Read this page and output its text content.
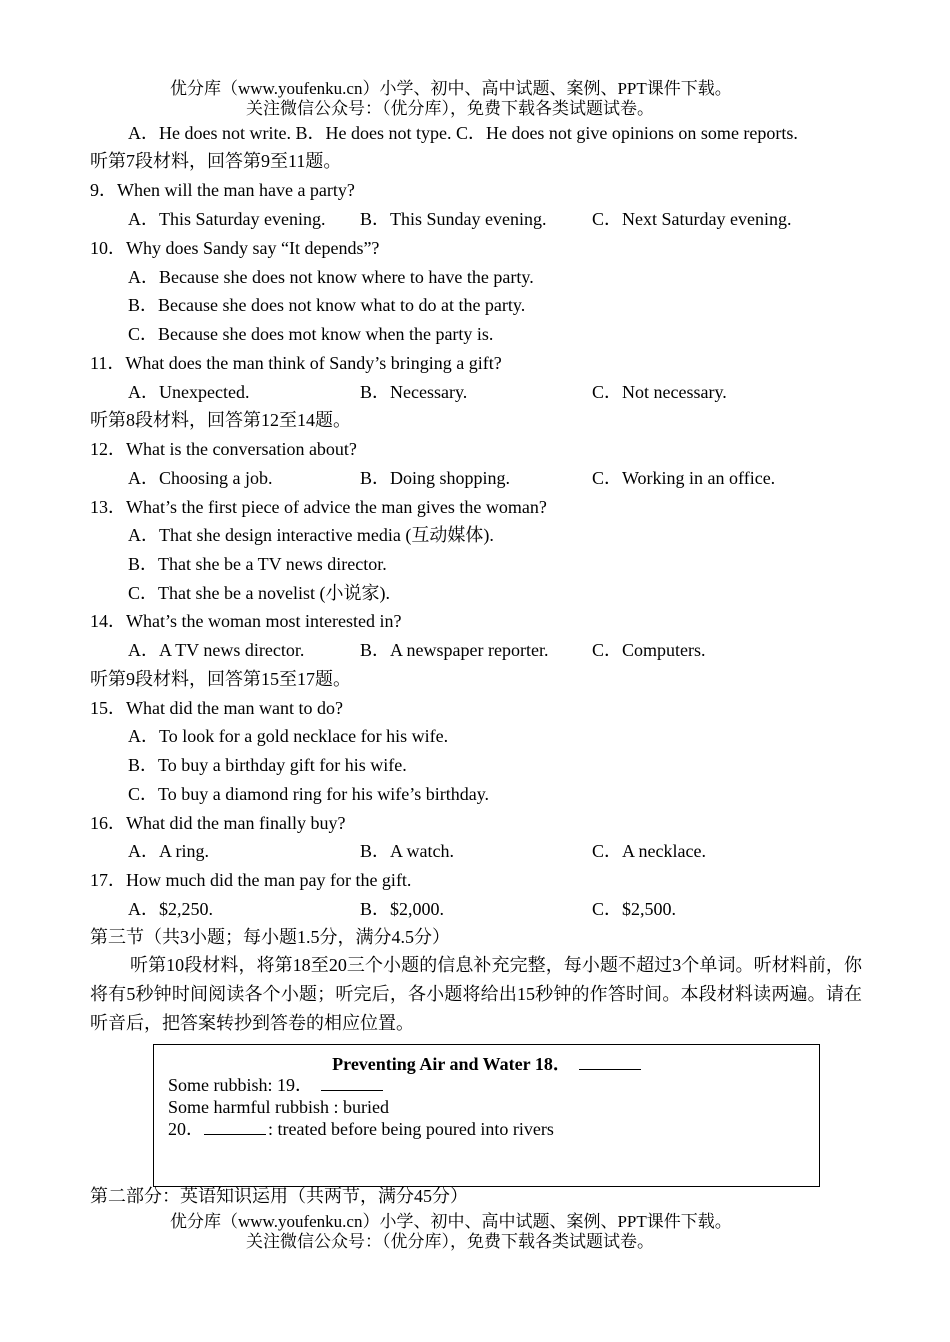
优分库（www.youfenku.cn）小学、初中、高中试题、案例、PPT课件下载。
关注微信公众号：（优分库），免费下载各类试题试卷。
A．He does not write. B．He does not type. C．He does not give opinions on some reports.
听第7段材料，回答第9至11题。
9．When will the man have a party?
A．This Saturday evening. B．This Sunday evening.	C．Next Saturday evening.
10．Why does Sandy say “It depends”?
A．Because she does not know where to have the party.
B．Because she does not know what to do at the party.
C．Because she does mot know when the party is.
11．What does the man think of Sandy’s bringing a gift?
A．Unexpected.	B．Necessary.	C．Not necessary.
听第8段材料，回答第12至14题。
12．What is the conversation about?
A．Choosing a job.	B．Doing shopping.	C．Working in an office.
13．What’s the first piece of advice the man gives the woman?
A．That she design interactive media (互动媒体).
B．That she be a TV news director.
C．That she be a novelist (小说家).
14．What’s the woman most interested in?
A．A TV news director.	B．A newspaper reporter. C．Computers.
听第9段材料，回答第15至17题。
15．What did the man want to do?
A．To look for a gold necklace for his wife.
B．To buy a birthday gift for his wife.
C．To buy a diamond ring for his wife’s birthday.
16．What did the man finally buy?
A．A ring.	B．A watch.	C．A necklace.
17．How much did the man pay for the gift.
A．$2,250.	B．$2,000.	C．$2,500.
第三节（共3小题；每小题1.5分，满分4.5分）
听第10段材料，将第18至20三个小题的信息补充完整，每小题不超过3个单词。听材料前，你将有5秒钟时间阅读各个小题；听完后，各小题将给出15秒钟的作答时间。本段材料读两遍。请在听音后，把答案转抄到答卷的相应位置。
Preventing Air and Water 18．
Some rubbish: 19．
Some harmful rubbish : buried
20．	: treated before being poured into rivers
第二部分：英语知识运用（共两节，满分45分）
优分库（www.youfenku.cn）小学、初中、高中试题、案例、PPT课件下载。
关注微信公众号：（优分库），免费下载各类试题试卷。
